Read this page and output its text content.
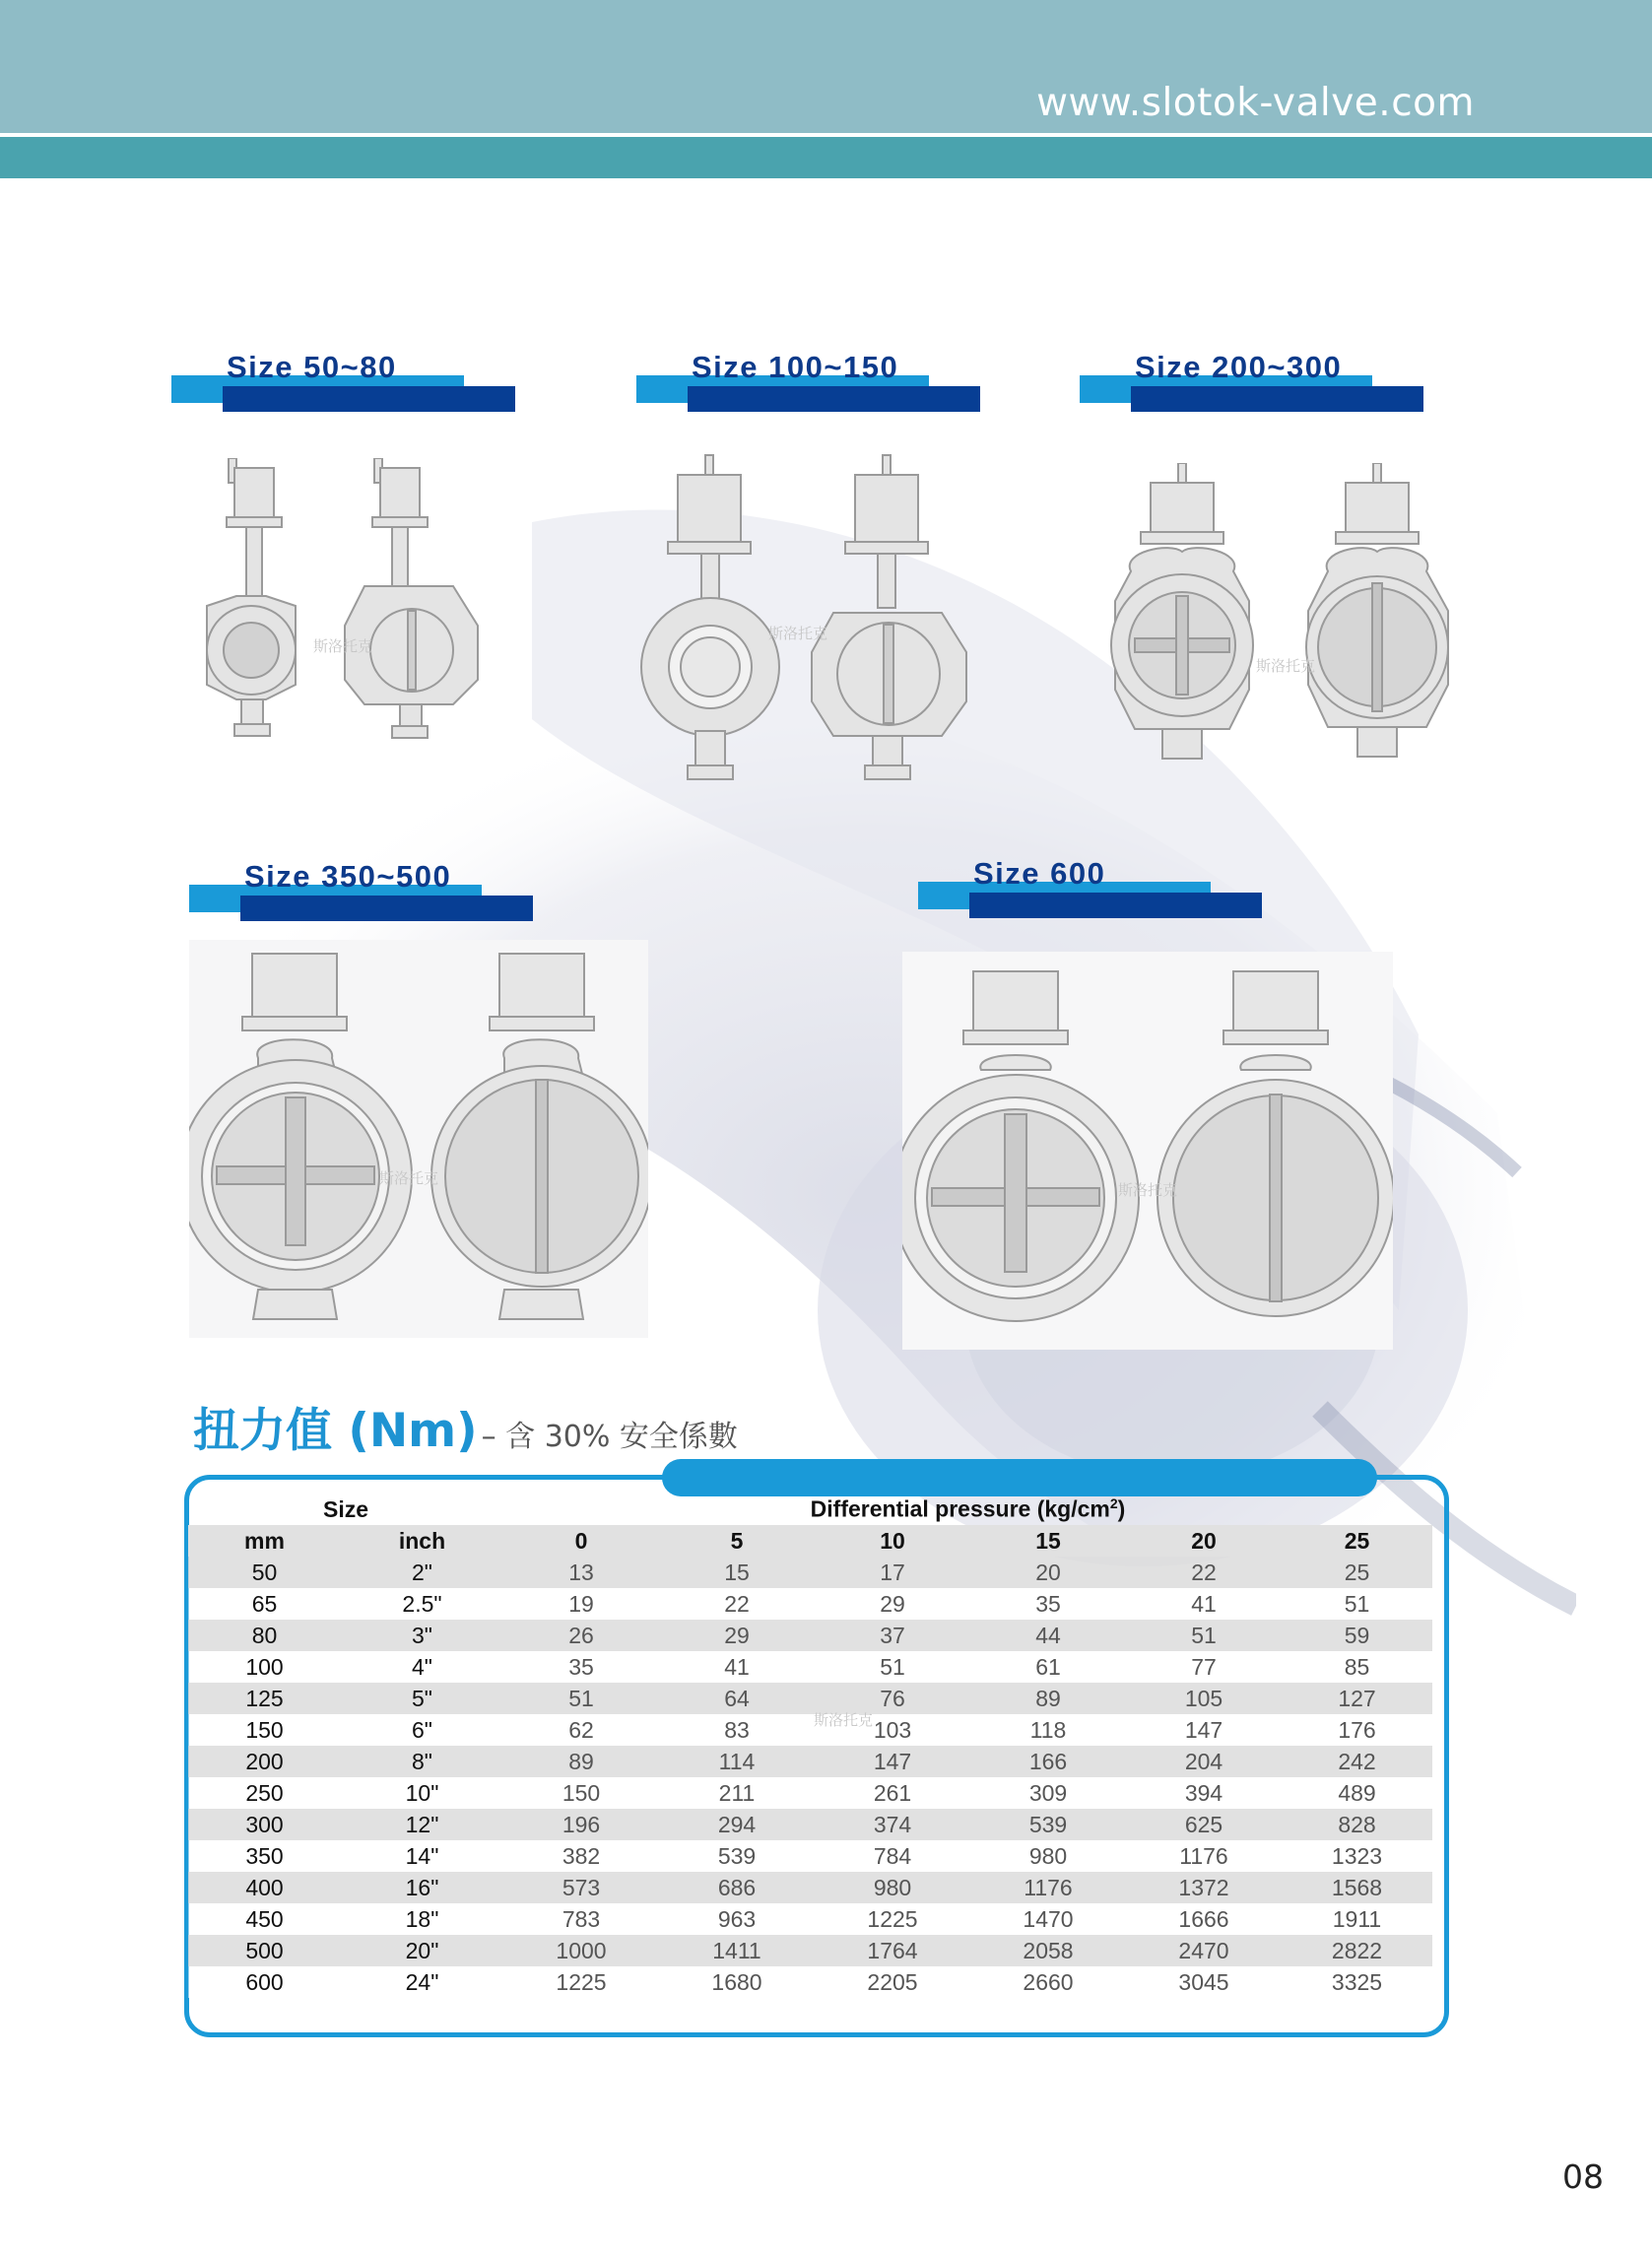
www.slotok-valve.com
Size 50~80	Size 100~150	Size 200~300
Size 350~500	Size 600
斯洛托克
斯洛托克
斯洛托克
斯洛托克
斯洛托克
扭力值 (Nm) – 含 30% 安全係數
Size		Differential pressure $(kg/cm^2)$					
mm	inch	0	5	10	15	20	25
50	2"	13	15	17	20	22	25
65	2.5"	19	22	29	35	41	51
80	3"	26	29	37	44	51	59
100	4"	35	41	51	61	77	85
125	5"	51	64	76	89	105	127
150	6"	62	83	103	118	147	176
200	8"	89	114	147	166	204	242
250	10"	150	211	261	309	394	489
300	12"	196	294	374	539	625	828
350	14"	382	539	784	980	1176	1323
400	16"	573	686	980	1176	1372	1568
450	18"	783	963	1225	1470	1666	1911
500	20"	1000	1411	1764	2058	2470	2822
600	24"	1225	1680	2205	2660	3045	3325
斯洛托克
08
